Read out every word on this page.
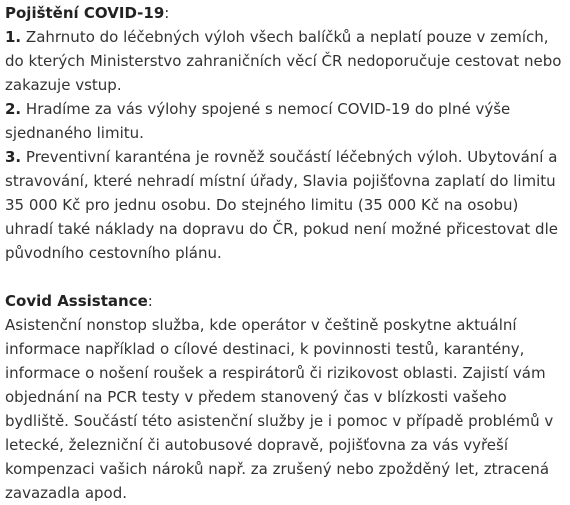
Pojištění COVID-19:
1. Zahrnuto do léčebných výloh všech balíčků a neplatí pouze v zemích, do kterých Ministerstvo zahraničních věcí ČR nedoporučuje cestovat nebo zakazuje vstup.
2. Hradíme za vás výlohy spojené s nemocí COVID-19 do plné výše sjednaného limitu.
3. Preventivní karanténa je rovněž součástí léčebných výloh. Ubytování a stravování, které nehradí místní úřady, Slavia pojišťovna zaplatí do limitu 35 000 Kč pro jednu osobu. Do stejného limitu (35 000 Kč na osobu) uhradí také náklady na dopravu do ČR, pokud není možné přicestovat dle původního cestovního plánu.
Covid Assistance:
Asistenční nonstop služba, kde operátor v češtině poskytne aktuální informace například o cílové destinaci, k povinnosti testů, karantény, informace o nošení roušek a respirátorů či rizikovost oblasti. Zajistí vám objednání na PCR testy v předem stanovený čas v blízkosti vašeho bydliště. Součástí této asistenční služby je i pomoc v případě problémů v letecké, železniční či autobusové dopravě, pojišťovna za vás vyřeší kompenzaci vašich nároků např. za zrušený nebo zpožděný let, ztracená zavazadla apod.
